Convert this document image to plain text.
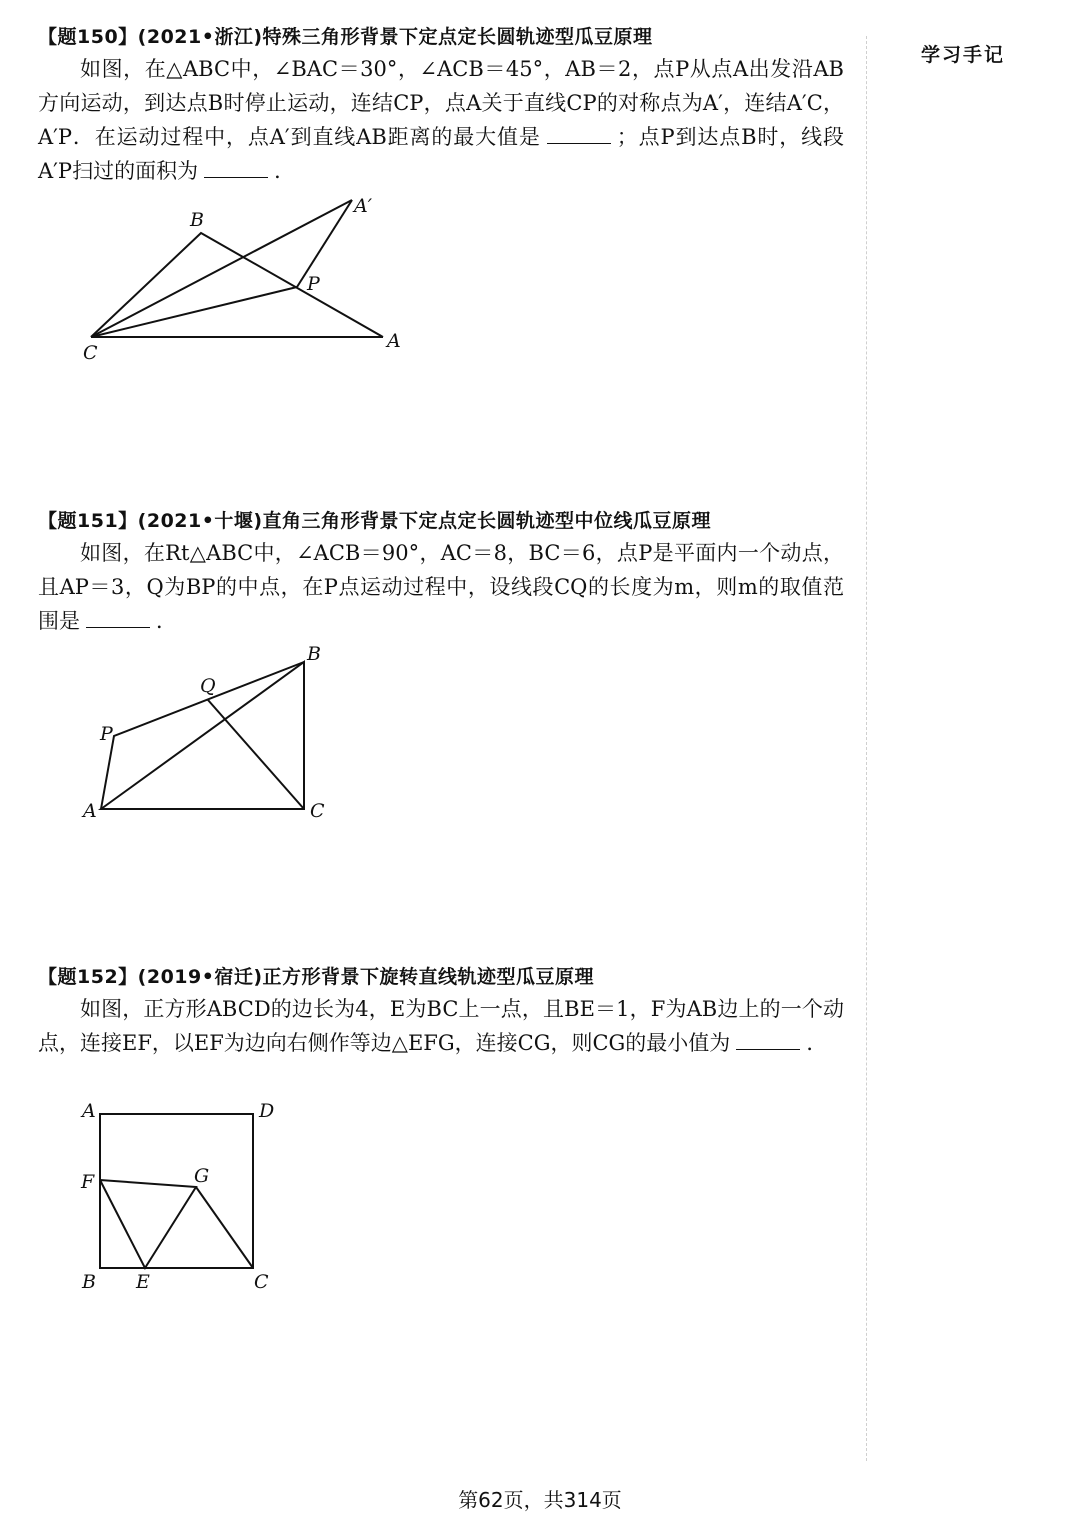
学习手记
【题150】(2021•浙江)特殊三角形背景下定点定长圆轨迹型瓜豆原理

如图，在△ABC中，∠BAC＝30°，∠ACB＝45°，AB＝2，点P从点A出发沿AB方向运动，到达点B时停止运动，连结CP，点A关于直线CP的对称点为A′，连结A′C，A′P．在运动过程中，点A′到直线AB距离的最大值是	；点P到达点B时，线段A′P扫过的面积为	．

B
A′
P
C
A
【题151】(2021•十堰)直角三角形背景下定点定长圆轨迹型中位线瓜豆原理

如图，在Rt△ABC中，∠ACB＝90°，AC＝8，BC＝6，点P是平面内一个动点，且AP＝3，Q为BP的中点，在P点运动过程中，设线段CQ的长度为m，则m的取值范围是	．

B
Q
P
A	C
【题152】(2019•宿迁)正方形背景下旋转直线轨迹型瓜豆原理

如图，正方形ABCD的边长为4，E为BC上一点，且BE＝1，F为AB边上的一个动点，连接EF，以EF为边向右侧作等边△EFG，连接CG，则CG的最小值为	．

A	D
F	G
B E	C
第62页，共314页
